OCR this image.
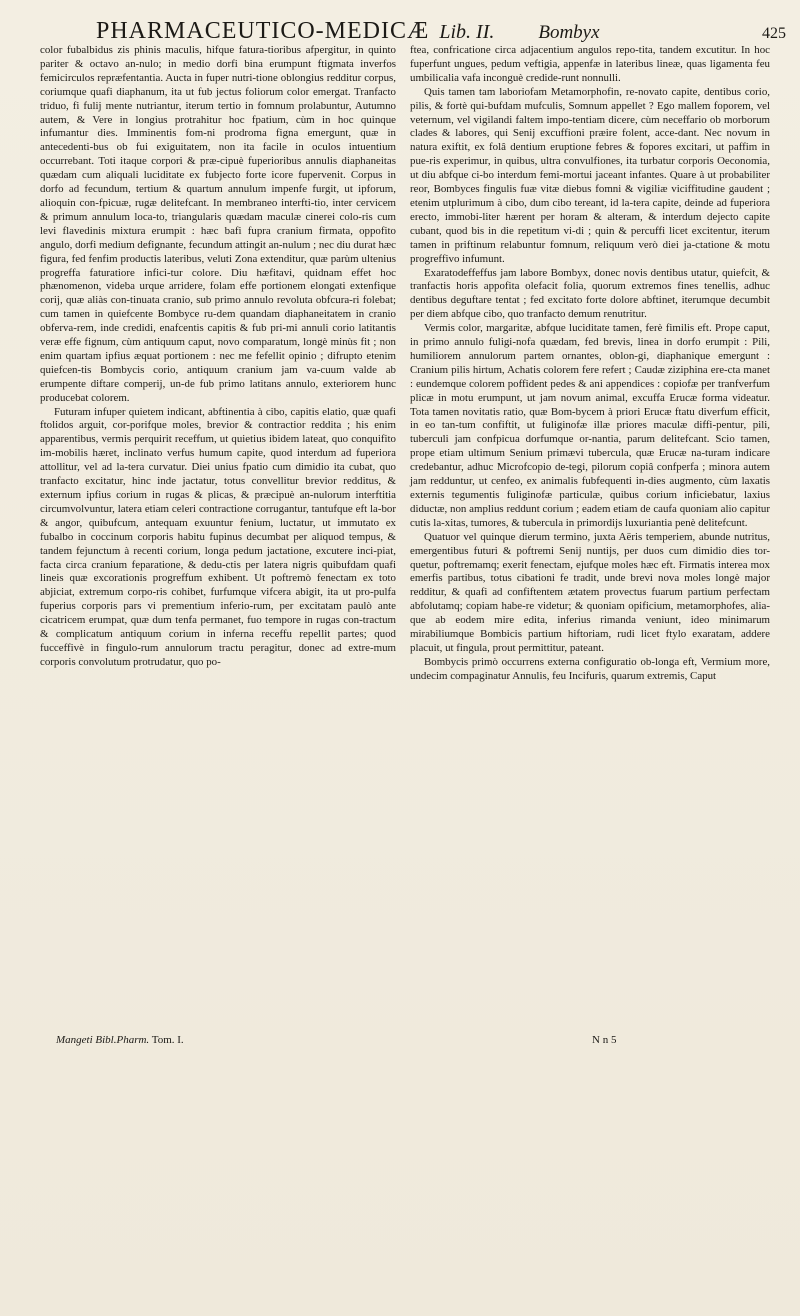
PHARMACEUTICO-MEDICÆ Lib. II. Bombyx	425

color fubalbidus zis phinis maculis, hifque fatura-tioribus afpergitur, in quinto pariter & octavo an-nulo; in medio dorfi bina erumpunt ftigmata inverfos femicirculos repræfentantia. Aucta in fuper nutri-tione oblongius redditur corpus, coriumque quafi diaphanum, ita ut fub jectus foliorum color emergat. Tranfacto triduo, fi fulij mente nutriantur, iterum tertio in fomnum prolabuntur, Autumno autem, & Vere in longius protrahitur hoc fpatium, cùm in hoc quinque infumantur dies. Imminentis fom-ni prodroma figna emergunt, quæ in antecedenti-bus ob fui exiguitatem, non ita facile in oculos intuentium occurrebant. Toti itaque corpori & præ-cipuè fuperioribus annulis diaphaneitas quædam cum aliquali luciditate ex fubjecto forte icore fupervenit. Corpus in dorfo ad fecundum, tertium & quartum annulum impenfe furgit, ut ipforum, alioquin con-fpicuæ, rugæ delitefcant. In membraneo interfti-tio, inter cervicem & primum annulum loca-to, triangularis quædam maculæ cinerei colo-ris cum levi flavedinis mixtura erumpit : hæc bafi fupra cranium firmata, oppofito angulo, dorfi medium defignante, fecundum attingit an-nulum ; nec diu durat hæc figura, fed fenfim productis lateribus, veluti Zona extenditur, quæ parùm ultenius progreffa faturatiore infici-tur colore. Diu hæfitavi, quidnam effet hoc phænomenon, videba urque arridere, folam effe portionem elongati extenfique corij, quæ aliàs con-tinuata cranio, sub primo annulo revoluta obfcura-ri folebat; cum tamen in quiefcente Bombyce ru-dem quandam diaphaneitatem in cranio obferva-rem, inde credidi, enafcentis capitis & fub pri-mi annuli corio latitantis veræ effe fignum, cùm antiquum caput, novo comparatum, longè minùs fit ; non enim quartam ipfius æquat portionem : nec me fefellit opinio ; difrupto etenim quiefcen-tis Bombycis corio, antiquum cranium jam va-cuum valde ab erumpente diftare comperij, un-de fub primo latitans annulo, exteriorem hunc producebat colorem.

Futuram infuper quietem indicant, abftinentia à cibo, capitis elatio, quæ quafi ftolidos arguit, cor-porifque moles, brevior & contractior reddita ; his enim apparentibus, vermis perquirit receffum, ut quietius ibidem lateat, quo conquifito im-mobilis hæret, inclinato verfus humum capite, quod interdum ad fuperiora attollitur, vel ad la-tera curvatur. Diei unius fpatio cum dimidio ita cubat, quo tranfacto excitatur, hinc inde jactatur, totus convellitur brevior redditus, & externum ipfius corium in rugas & plicas, & præcipuè an-nulorum interftitia circumvolvuntur, latera etiam celeri contractione corrugantur, tantufque eft la-bor & angor, quibufcum, antequam exuuntur fenium, luctatur, ut immutato ex fubalbo in coccinum corporis habitu fupinus decumbat per aliquod tempus, & tandem fejunctum à recenti corium, longa pedum jactatione, excutere inci-piat, facta circa cranium feparatione, & dedu-ctis per latera nigris quibufdam quafi lineis quæ excorationis progreffum exhibent. Ut poftremò fenectam ex toto abjiciat, extremum corpo-ris cohibet, furfumque vifcera abigit, ita ut pro-pulfa fuperius corporis pars vi prementium inferio-rum, per excitatam paulò ante cicatricem erumpat, quæ dum tenfa permanet, fuo tempore in rugas con-tractum & complicatum antiquum corium in inferna receffu repellit partes; quod fucceffivè in fingulo-rum annulorum tractu peragitur, donec ad extre-mum corporis convolutum protrudatur, quo po-

ftea, confricatione circa adjacentium angulos repo-tita, tandem excutitur. In hoc fuperfunt ungues, pedum veftigia, appenfæ in lateribus lineæ, quas ligamenta feu umbilicalia vafa inconguè credide-runt nonnulli.

Quis tamen tam laboriofam Metamorphofin, re-novato capite, dentibus corio, pilis, & fortè qui-bufdam mufculis, Somnum appellet ? Ego mallem foporem, vel veternum, vel vigilandi faltem impo-tentiam dicere, cùm neceffario ob morborum clades & labores, qui Senij excuffioni præire folent, acce-dant. Nec novum in natura exiftit, ex folâ dentium eruptione febres & fopores excitari, ut paffim in pue-ris experimur, in quibus, ultra convulfiones, ita turbatur corporis Oeconomia, ut diu abfque ci-bo interdum femi-mortui jaceant infantes. Quare à ut probabiliter reor, Bombyces fingulis fuæ vitæ diebus fomni & vigiliæ viciffitudine gaudent ; etenim utplurimum à cibo, dum cibo tereant, id la-tera capite, deinde ad fuperiora erecto, immobi-liter hærent per horam & alteram, & interdum dejecto capite cubant, quod bis in die repetitum vi-di ; quin & percuffi licet excitentur, iterum tamen in priftinum relabuntur fomnum, reliquum verò diei ja-ctatione & motu progreffivo infumunt.

Exaratodeffeffus jam labore Bombyx, donec novis dentibus utatur, quiefcit, & tranfactis horis appofita olefacit folia, quorum extremos fines tenellis, adhuc dentibus deguftare tentat ; fed excitato forte dolore abftinet, iterumque decumbit per diem abfque cibo, quo tranfacto demum renutritur.

Vermis color, margaritæ, abfque luciditate tamen, ferè fimilis eft. Prope caput, in primo annulo fuligi-nofa quædam, fed brevis, linea in dorfo erumpit : Pili, humiliorem annulorum partem ornantes, oblon-gi, diaphanique emergunt : Cranium pilis hirtum, Achatis colorem fere refert ; Caudæ ziziphina ere-cta manet : eundemque colorem poffident pedes & ani appendices : copiofæ per tranfverfum plicæ in motu erumpunt, ut jam novum animal, excuffa Erucæ forma videatur. Tota tamen novitatis ratio, quæ Bom-bycem à priori Erucæ ftatu diverfum efficit, in eo tan-tum confiftit, ut fuliginofæ illæ priores maculæ diffi-pentur, pili, tuberculi jam confpicua dorfumque or-nantia, parum delitefcant. Scio tamen, prope etiam ultimum Senium primævi tubercula, quæ Erucæ na-turam indicare credebantur, adhuc Microfcopio de-tegi, pilorum copiâ confperfa ; minora autem jam redduntur, ut cenfeo, ex animalis fubfequenti in-dies augmento, cùm laxatis externis tegumentis fuliginofæ particulæ, quibus corium inficiebatur, laxius diductæ, non amplius reddunt corium ; eadem etiam de caufa quoniam alio capitur cutis la-xitas, tumores, & tubercula in primordijs luxuriantia penè delitefcunt.

Quatuor vel quinque dierum termino, juxta Aëris temperiem, abunde nutritus, emergentibus futuri & poftremi Senij nuntijs, per duos cum dimidio dies tor-quetur, poftremamq; exerit fenectam, ejufque moles hæc eft. Firmatis interea mox emerfis partibus, totus cibationi fe tradit, unde brevi nova moles longè major redditur, & quafi ad confiftentem ætatem provectus fuarum partium perfectam abfolutamq; copiam habe-re videtur; & quoniam opificium, metamorphofes, alia-que ab eodem mire edita, inferius rimanda veniunt, ideo minimarum mirabiliumque Bombicis partium hiftoriam, rudi licet ftylo exaratam, addere placuit, ut fingula, prout permittitur, pateant.

Bombycis primò occurrens externa configuratio ob-longa eft, Vermium more, undecim compaginatur Annulis, feu Incifuris, quarum extremis, Caput

Mangeti Bibl.Pharm. Tom. I.	N n 5
